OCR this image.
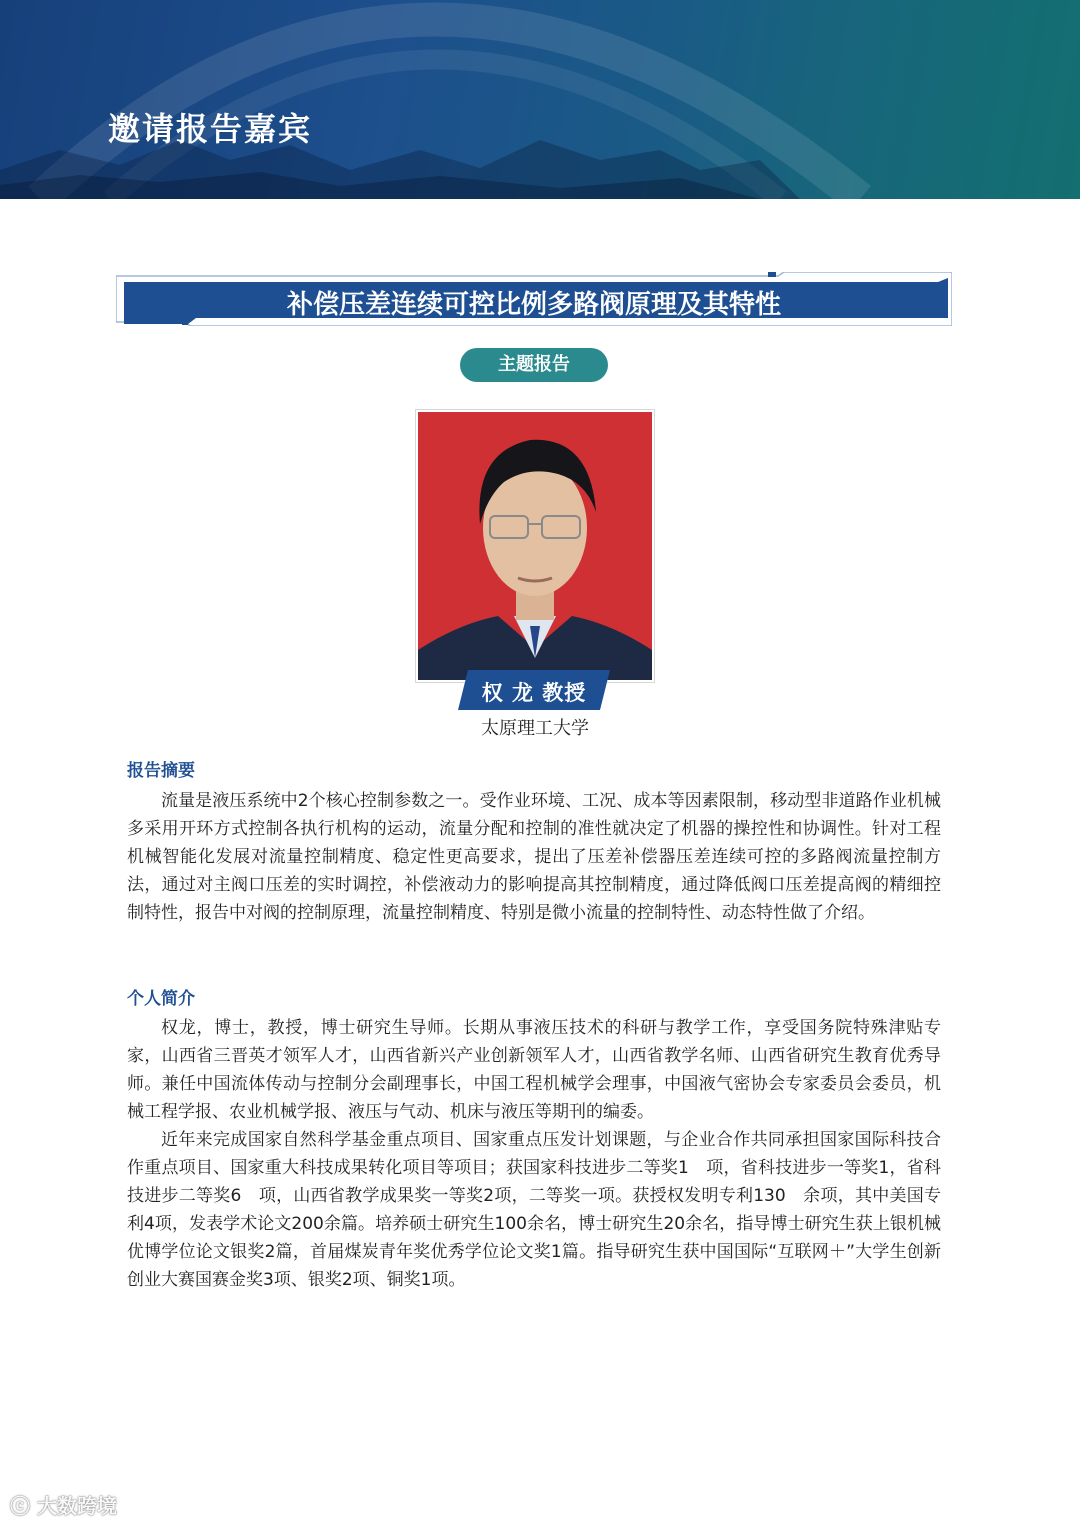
邀请报告嘉宾
补偿压差连续可控比例多路阀原理及其特性
主题报告
权 龙 教授
太原理工大学
报告摘要

流量是液压系统中2个核心控制参数之一。受作业环境、工况、成本等因素限制，移动型非道路作业机械多采用开环方式控制各执行机构的运动，流量分配和控制的准性就决定了机器的操控性和协调性。针对工程机械智能化发展对流量控制精度、稳定性更高要求，提出了压差补偿器压差连续可控的多路阀流量控制方法，通过对主阀口压差的实时调控，补偿液动力的影响提高其控制精度，通过降低阀口压差提高阀的精细控制特性，报告中对阀的控制原理，流量控制精度、特别是微小流量的控制特性、动态特性做了介绍。

个人简介

权龙，博士，教授，博士研究生导师。长期从事液压技术的科研与教学工作，享受国务院特殊津贴专家，山西省三晋英才领军人才，山西省新兴产业创新领军人才，山西省教学名师、山西省研究生教育优秀导师。兼任中国流体传动与控制分会副理事长，中国工程机械学会理事，中国液气密协会专家委员会委员，机械工程学报、农业机械学报、液压与气动、机床与液压等期刊的编委。

近年来完成国家自然科学基金重点项目、国家重点压发计划课题，与企业合作共同承担国家国际科技合作重点项目、国家重大科技成果转化项目等项目；获国家科技进步二等奖1　项，省科技进步一等奖1，省科技进步二等奖6　项，山西省教学成果奖一等奖2项，二等奖一项。获授权发明专利130　余项，其中美国专利4项，发表学术论文200余篇。培养硕士研究生100余名，博士研究生20余名，指导博士研究生获上银机械优博学位论文银奖2篇，首届煤炭青年奖优秀学位论文奖1篇。指导研究生获中国国际“互联网＋”大学生创新创业大赛国赛金奖3项、银奖2项、铜奖1项。

ⓒ 大数跨境
